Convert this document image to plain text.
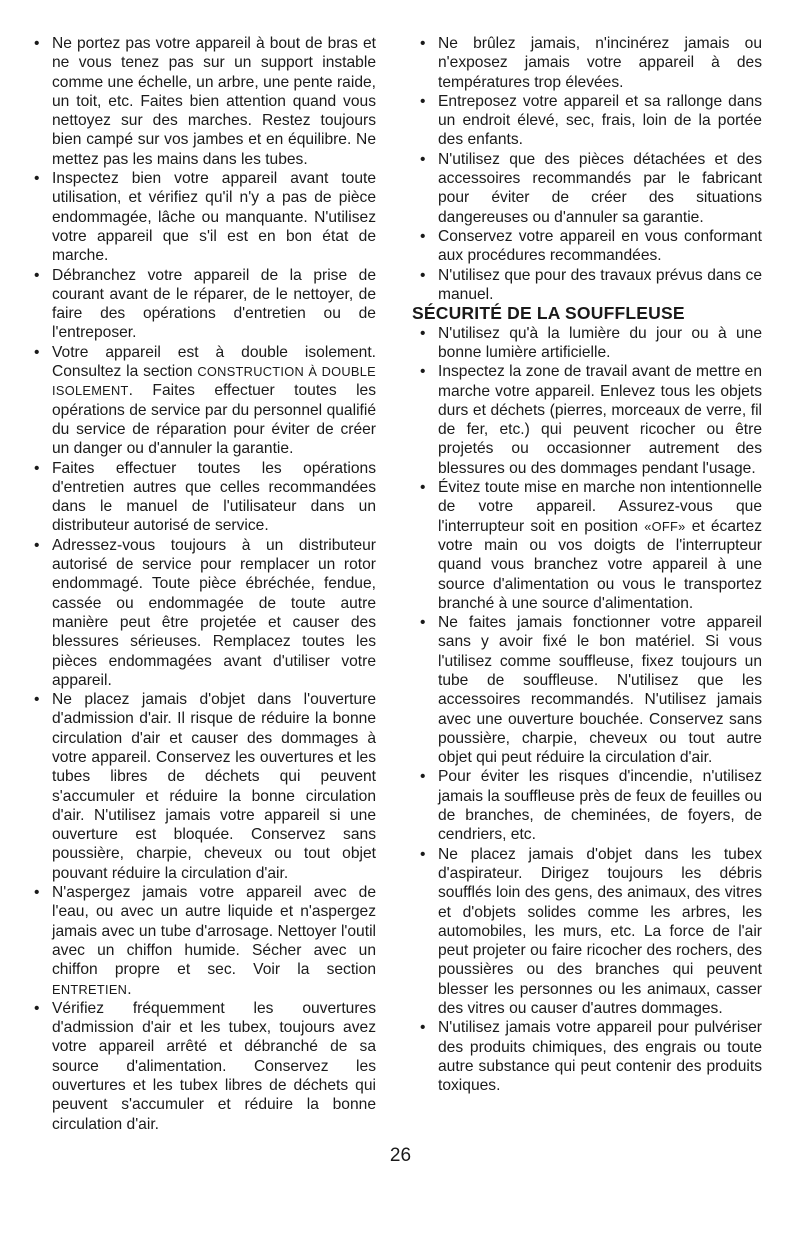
• Ne portez pas votre appareil à bout de bras et ne vous tenez pas sur un support instable comme une échelle, un arbre, une pente raide, un toit, etc. Faites bien attention quand vous nettoyez sur des marches. Restez toujours bien campé sur vos jambes et en équilibre. Ne mettez pas les mains dans les tubes.
• Inspectez bien votre appareil avant toute utilisation, et vérifiez qu'il n'y a pas de pièce endommagée, lâche ou manquante. N'utilisez votre appareil que s'il est en bon état de marche.
• Débranchez votre appareil de la prise de courant avant de le réparer, de le nettoyer, de faire des opérations d'entretien ou de l'entreposer.
• Votre appareil est à double isolement. Consultez la section CONSTRUCTION À DOUBLE ISOLEMENT. Faites effectuer toutes les opérations de service par du personnel qualifié du service de réparation pour éviter de créer un danger ou d'annuler la garantie.
• Faites effectuer toutes les opérations d'entretien autres que celles recommandées dans le manuel de l'utilisateur dans un distributeur autorisé de service.
• Adressez-vous toujours à un distributeur autorisé de service pour remplacer un rotor endommagé. Toute pièce ébréchée, fendue, cassée ou endommagée de toute autre manière peut être projetée et causer des blessures sérieuses. Remplacez toutes les pièces endommagées avant d'utiliser votre appareil.
• Ne placez jamais d'objet dans l'ouverture d'admission d'air. Il risque de réduire la bonne circulation d'air et causer des dommages à votre appareil. Conservez les ouvertures et les tubes libres de déchets qui peuvent s'accumuler et réduire la bonne circulation d'air. N'utilisez jamais votre appareil si une ouverture est bloquée. Conservez sans poussière, charpie, cheveux ou tout objet pouvant réduire la circulation d'air.
• N'aspergez jamais votre appareil avec de l'eau, ou avec un autre liquide et n'aspergez jamais avec un tube d'arrosage. Nettoyer l'outil avec un chiffon humide. Sécher avec un chiffon propre et sec. Voir la section ENTRETIEN.
• Vérifiez fréquemment les ouvertures d'admission d'air et les tubex, toujours avez votre appareil arrêté et débranché de sa source d'alimentation. Conservez les ouvertures et les tubex libres de déchets qui peuvent s'accumuler et réduire la bonne circulation d'air.
• Ne brûlez jamais, n'incinérez jamais ou n'exposez jamais votre appareil à des températures trop élevées.
• Entreposez votre appareil et sa rallonge dans un endroit élevé, sec, frais, loin de la portée des enfants.
• N'utilisez que des pièces détachées et des accessoires recommandés par le fabricant pour éviter de créer des situations dangereuses ou d'annuler sa garantie.
• Conservez votre appareil en vous conformant aux procédures recommandées.
• N'utilisez que pour des travaux prévus dans ce manuel.
SÉCURITÉ DE LA SOUFFLEUSE
• N'utilisez qu'à la lumière du jour ou à une bonne lumière artificielle.
• Inspectez la zone de travail avant de mettre en marche votre appareil. Enlevez tous les objets durs et déchets (pierres, morceaux de verre, fil de fer, etc.) qui peuvent ricocher ou être projetés ou occasionner autrement des blessures ou des dommages pendant l'usage.
• Évitez toute mise en marche non intentionnelle de votre appareil. Assurez-vous que l'interrupteur soit en position «OFF» et écartez votre main ou vos doigts de l'interrupteur quand vous branchez votre appareil à une source d'alimentation ou vous le transportez branché à une source d'alimentation.
• Ne faites jamais fonctionner votre appareil sans y avoir fixé le bon matériel. Si vous l'utilisez comme souffleuse, fixez toujours un tube de souffleuse. N'utilisez que les accessoires recommandés. N'utilisez jamais avec une ouverture bouchée. Conservez sans poussière, charpie, cheveux ou tout autre objet qui peut réduire la circulation d'air.
• Pour éviter les risques d'incendie, n'utilisez jamais la souffleuse près de feux de feuilles ou de branches, de cheminées, de foyers, de cendriers, etc.
• Ne placez jamais d'objet dans les tubex d'aspirateur. Dirigez toujours les débris soufflés loin des gens, des animaux, des vitres et d'objets solides comme les arbres, les automobiles, les murs, etc. La force de l'air peut projeter ou faire ricocher des rochers, des poussières ou des branches qui peuvent blesser les personnes ou les animaux, casser des vitres ou causer d'autres dommages.
• N'utilisez jamais votre appareil pour pulvériser des produits chimiques, des engrais ou toute autre substance qui peut contenir des produits toxiques.
26
